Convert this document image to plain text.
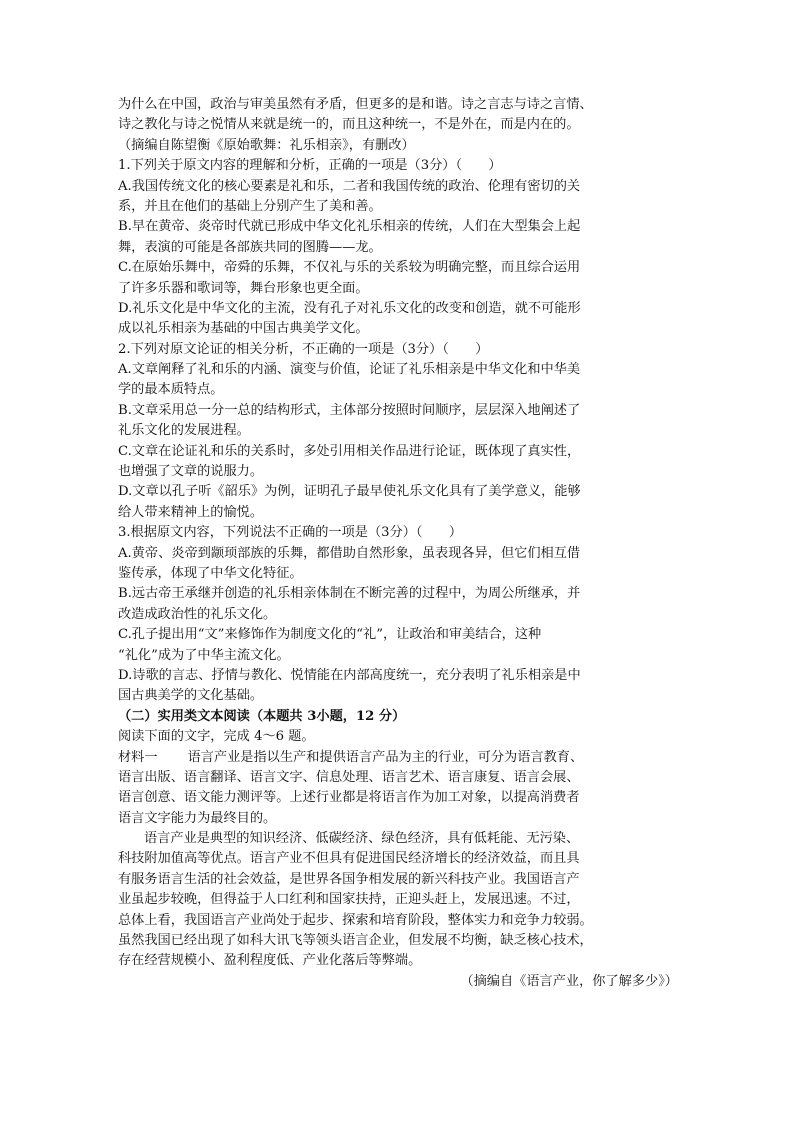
为什么在中国，政治与审美虽然有矛盾，但更多的是和谐。诗之言志与诗之言情、

诗之教化与诗之悦情从来就是统一的，而且这种统一，不是外在，而是内在的。

（摘编自陈望衡《原始歌舞：礼乐相亲》，有删改）

1.下列关于原文内容的理解和分析，正确的一项是（3分）（　　）

A.我国传统文化的核心要素是礼和乐，二者和我国传统的政治、伦理有密切的关

系，并且在他们的基础上分别产生了美和善。

B.早在黄帝、炎帝时代就已形成中华文化礼乐相亲的传统，人们在大型集会上起

舞，表演的可能是各部族共同的图腾——龙。

C.在原始乐舞中，帝舜的乐舞，不仅礼与乐的关系较为明确完整，而且综合运用

了许多乐器和歌词等，舞台形象也更全面。

D.礼乐文化是中华文化的主流，没有孔子对礼乐文化的改变和创造，就不可能形

成以礼乐相亲为基础的中国古典美学文化。

2.下列对原文论证的相关分析，不正确的一项是（3分）（　　）

A.文章阐释了礼和乐的内涵、演变与价值，论证了礼乐相亲是中华文化和中华美

学的最本质特点。

B.文章采用总一分一总的结构形式，主体部分按照时间顺序，层层深入地阐述了

礼乐文化的发展进程。

C.文章在论证礼和乐的关系时，多处引用相关作品进行论证，既体现了真实性，

也增强了文章的说服力。

D.文章以孔子听《韶乐》为例，证明孔子最早使礼乐文化具有了美学意义，能够

给人带来精神上的愉悦。

3.根据原文内容，下列说法不正确的一项是（3分）（　　）

A.黄帝、炎帝到颛顼部族的乐舞，都借助自然形象，虽表现各异，但它们相互借

鉴传承，体现了中华文化特征。

B.远古帝王承继并创造的礼乐相亲体制在不断完善的过程中，为周公所继承，并

改造成政治性的礼乐文化。

C.孔子提出用“文”来修饰作为制度文化的“礼”，让政治和审美结合，这种

“礼化”成为了中华主流文化。

D.诗歌的言志、抒情与教化、悦情能在内部高度统一，充分表明了礼乐相亲是中

国古典美学的文化基础。

（二）实用类文本阅读（本题共 3小题，12 分）

阅读下面的文字，完成 4～6 题。

材料一 语言产业是指以生产和提供语言产品为主的行业，可分为语言教育、

语言出版、语言翻译、语言文字、信息处理、语言艺术、语言康复、语言会展、

语言创意、语文能力测评等。上述行业都是将语言作为加工对象，以提高消费者

语言文字能力为最终目的。

语言产业是典型的知识经济、低碳经济、绿色经济，具有低耗能、无污染、

科技附加值高等优点。语言产业不但具有促进国民经济增长的经济效益，而且具

有服务语言生活的社会效益，是世界各国争相发展的新兴科技产业。我国语言产

业虽起步较晚，但得益于人口红利和国家扶持，正迎头赶上，发展迅速。不过，

总体上看，我国语言产业尚处于起步、探索和培育阶段，整体实力和竞争力较弱。

虽然我国已经出现了如科大讯飞等领头语言企业，但发展不均衡，缺乏核心技术，

存在经营规模小、盈利程度低、产业化落后等弊端。

（摘编自《语言产业，你了解多少》）
